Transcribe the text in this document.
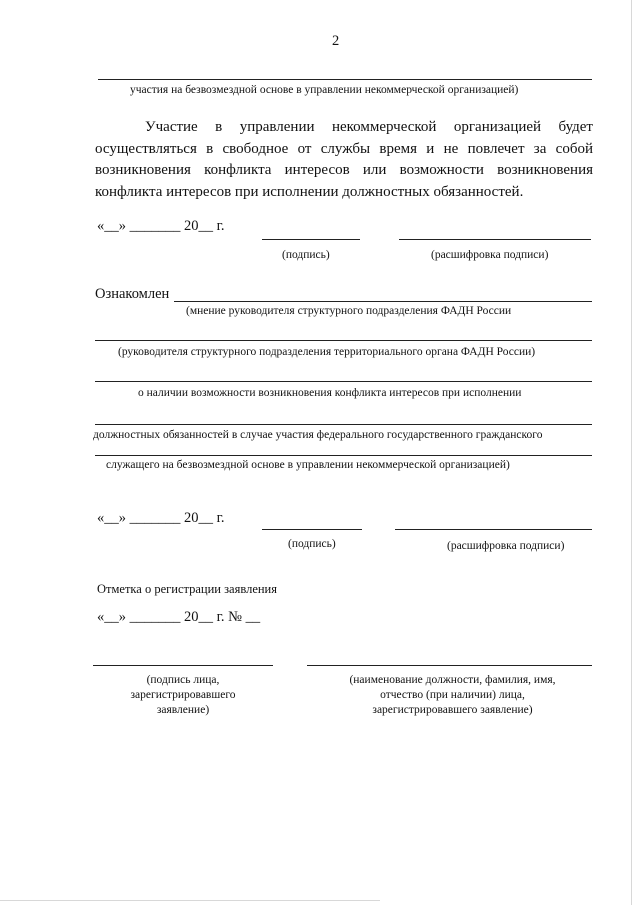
2
участия на безвозмездной основе в управлении некоммерческой организацией)
Участие в управлении некоммерческой организацией будет осуществляться в свободное от службы время и не повлечет за собой возникновения конфликта интересов или возможности возникновения конфликта интересов при исполнении должностных обязанностей.
«__» _______ 20__ г.
(подпись)	(расшифровка подписи)
Ознакомлен
(мнение руководителя структурного подразделения ФАДН России
(руководителя структурного подразделения территориального органа ФАДН России)
о наличии возможности возникновения конфликта интересов при исполнении
должностных обязанностей в случае участия федерального государственного гражданского
служащего на безвозмездной основе в управлении некоммерческой организацией)
«__» _______ 20__ г.
(подпись)	(расшифровка подписи)
Отметка о регистрации заявления
«__» _______ 20__ г. № __
(подпись лица,
зарегистрировавшего
заявление)
(наименование должности, фамилия, имя,
отчество (при наличии) лица,
зарегистрировавшего заявление)
